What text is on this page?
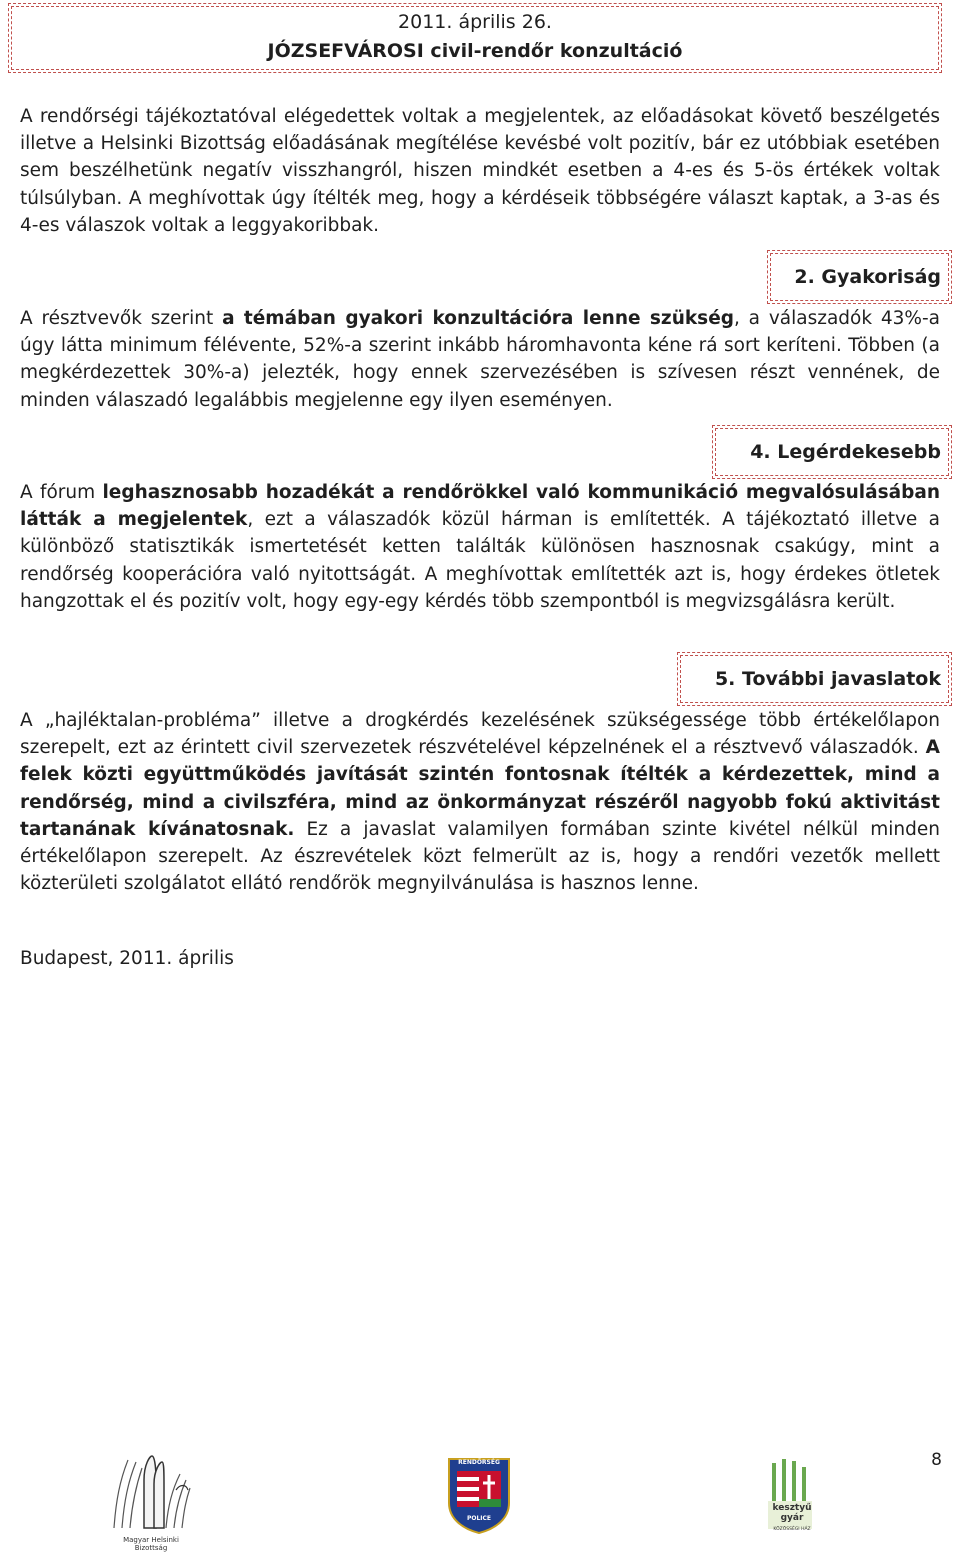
2011. április 26.
JÓZSEFVÁROSI civil-rendőr konzultáció

A rendőrségi tájékoztatóval elégedettek voltak a megjelentek, az előadásokat követő beszélgetés illetve a Helsinki Bizottság előadásának megítélése kevésbé volt pozitív, bár ez utóbbiak esetében sem beszélhetünk negatív visszhangról, hiszen mindkét esetben a 4-es és 5-ös értékek voltak túlsúlyban. A meghívottak úgy ítélték meg, hogy a kérdéseik többségére választ kaptak, a 3-as és 4-es válaszok voltak a leggyakoribbak.

2. Gyakoriság

A résztvevők szerint a témában gyakori konzultációra lenne szükség, a válaszadók 43%-a úgy látta minimum félévente, 52%-a szerint inkább háromhavonta kéne rá sort keríteni. Többen (a megkérdezettek 30%-a) jelezték, hogy ennek szervezésében is szívesen részt vennének, de minden válaszadó legalábbis megjelenne egy ilyen eseményen.

4. Legérdekesebb

A fórum leghasznosabb hozadékát a rendőrökkel való kommunikáció megvalósulásában látták a megjelentek, ezt a válaszadók közül hárman is említették. A tájékoztató illetve a különböző statisztikák ismertetését ketten találták különösen hasznosnak csakúgy, mint a rendőrség kooperációra való nyitottságát. A meghívottak említették azt is, hogy érdekes ötletek hangzottak el és pozitív volt, hogy egy-egy kérdés több szempontból is megvizsgálásra került.

5. További javaslatok

A „hajléktalan-probléma” illetve a drogkérdés kezelésének szükségessége több értékelőlapon szerepelt, ezt az érintett civil szervezetek részvételével képzelnének el a résztvevő válaszadók. A felek közti együttműködés javítását szintén fontosnak ítélték a kérdezettek, mind a rendőrség, mind a civilszféra, mind az önkormányzat részéről nagyobb fokú aktivitást tartanának kívánatosnak. Ez a javaslat valamilyen formában szinte kivétel nélkül minden értékelőlapon szerepelt. Az észrevételek közt felmerült az is, hogy a rendőri vezetők mellett közterületi szolgálatot ellátó rendőrök megnyilvánulása is hasznos lenne.

Budapest, 2011. április

8
Magyar Helsinki Bizottság
RENDŐRSÉG
POLICE
kesztyű gyár
KÖZÖSSÉGI HÁZ
